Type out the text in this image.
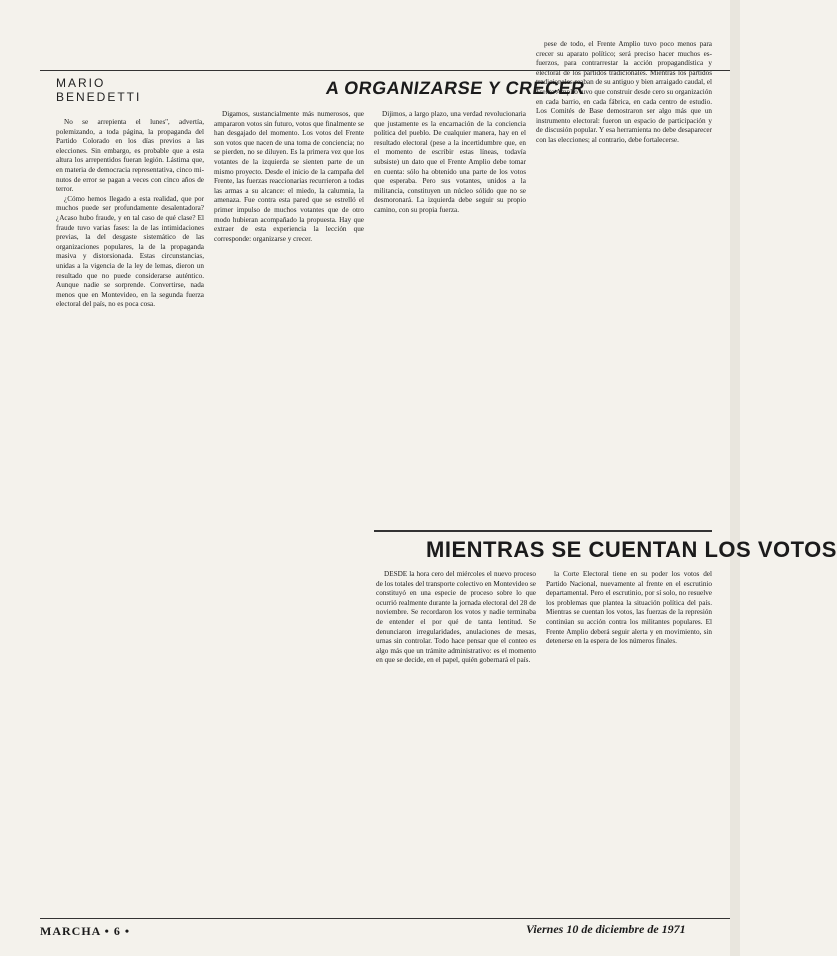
MARIO BENEDETTI	A ORGANIZARSE Y CRECER

No se arrepienta el lunes'', advertía, polemizando, a toda página, la propaganda del Partido Colorado en los días previos a las elecciones. Sin embargo, es probable que a esta altura los arrepentidos fueran legión. Lástima que, en materia de democracia representativa, cinco minutos de error se pagan a veces con cinco años de terror.

¿Cómo hemos llegado a esta realidad, que por muchos puede ser profundamente desalentadora? ¿Acaso hubo fraude, y en tal caso de qué clase? El fraude tuvo varias fases: la de las intimidaciones previas, la del desgaste sistemático de las organizaciones populares, la de la propaganda masiva y distorsionada. Estas circunstancias, unidas a la vigencia de la ley de lemas, dieron un resultado que no puede considerarse auténtico. Aunque nadie se sorprende. Convertirse, nada menos que en Montevideo, en la segunda fuerza electoral del país, no es poca cosa.

Digamos, sustancialmente más numerosos, que ampararon votos sin futuro, votos que finalmente se han desgajado del momento. Los votos del Frente son votos que nacen de una toma de conciencia; no se pierden, no se diluyen. Es la primera vez que los votantes de la izquierda se sienten parte de un mismo proyecto. Desde el inicio de la campaña del Frente, las fuerzas reaccionarias recurrieron a todas las armas a su alcance: el miedo, la calumnia, la amenaza. Fue contra esta pared que se estrelló el primer impulso de muchos votantes que de otro modo hubieran acompañado la propuesta. Hay que extraer de esta experiencia la lección que corresponde: organizarse y crecer.

Dijimos, a largo plazo, una verdad revolucionaria que justamente es la encarnación de la conciencia política del pueblo. De cualquier manera, hay en el resultado electoral (pese a la incertidumbre que, en el momento de escribir estas líneas, todavía subsiste) un dato que el Frente Amplio debe tomar en cuenta: sólo ha obtenido una parte de los votos que esperaba. Pero sus votantes, unidos a la militancia, constituyen un núcleo sólido que no se desmoronará. La izquierda debe seguir su propio camino, con su propia fuerza.

pese de todo, el Frente Amplio tuvo poco menos para crecer su aparato político; será preciso hacer muchos esfuerzos, para contrarrestar la acción propagandística y electoral de los partidos tradicionales. Mientras los partidos tradicionales reaban de su antiguo y bien arraigado caudal, el Frente Amplio tuvo que construir desde cero su organización en cada barrio, en cada fábrica, en cada centro de estudio. Los Comités de Base demostraron ser algo más que un instrumento electoral: fueron un espacio de participación y de discusión popular. Y esa herramienta no debe desaparecer con las elecciones; al contrario, debe fortalecerse.

MIENTRAS SE CUENTAN LOS VOTOS

DESDE la hora cero del miércoles el nuevo proceso de los totales del transporte colectivo en Montevideo se constituyó en una especie de proceso sobre lo que ocurrió realmente durante la jornada electoral del 28 de noviembre. Se recordaron los votos y nadie terminaba de entender el por qué de tanta lentitud. Se denunciaron irregularidades, anulaciones de mesas, urnas sin controlar. Todo hace pensar que el conteo es algo más que un trámite administrativo: es el momento en que se decide, en el papel, quién gobernará el país.

la Corte Electoral tiene en su poder los votos del Partido Nacional, nuevamente al frente en el escrutinio departamental. Pero el escrutinio, por sí solo, no resuelve los problemas que plantea la situación política del país. Mientras se cuentan los votos, las fuerzas de la represión continúan su acción contra los militantes populares. El Frente Amplio deberá seguir alerta y en movimiento, sin detenerse en la espera de los números finales.

MARCHA • 6 •	Viernes 10 de diciembre de 1971
